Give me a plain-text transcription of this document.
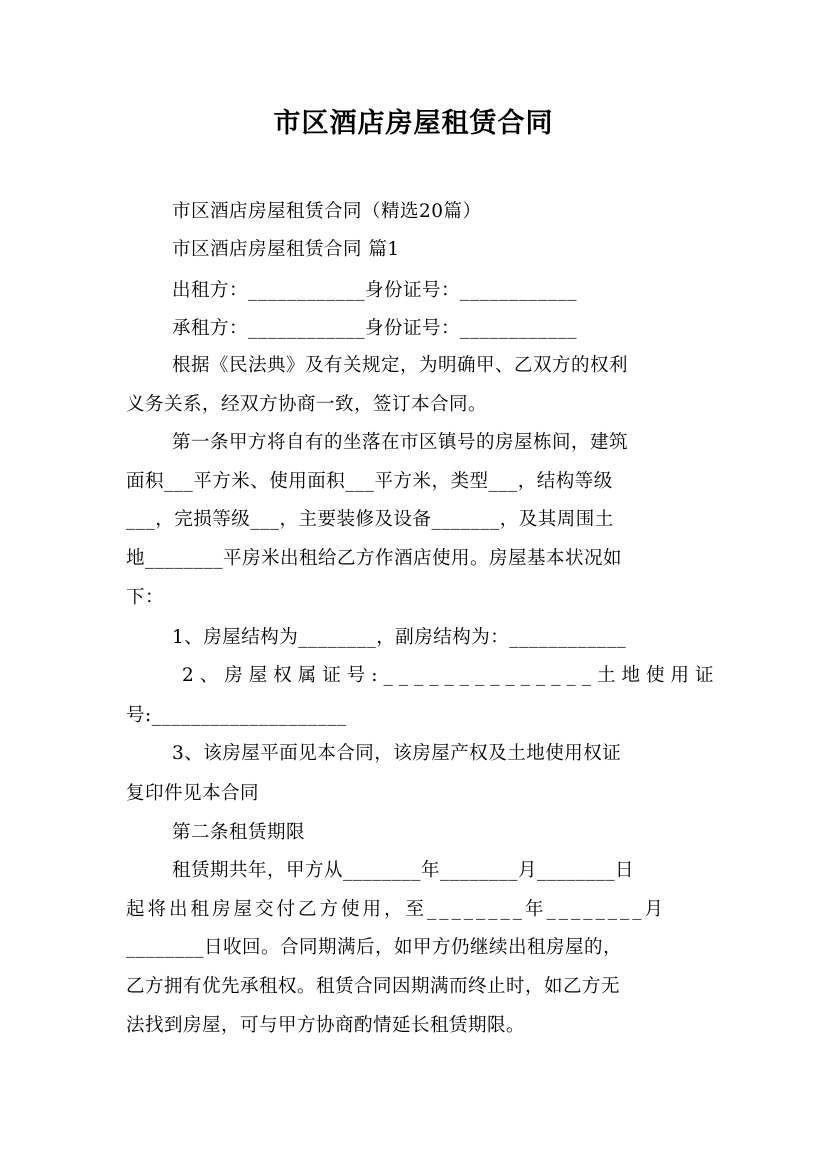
市区酒店房屋租赁合同
市区酒店房屋租赁合同（精选20篇）
市区酒店房屋租赁合同 篇1
出租方：____________身份证号：____________
承租方：____________身份证号：____________
根据《民法典》及有关规定，为明确甲、乙双方的权利
义务关系，经双方协商一致，签订本合同。
第一条甲方将自有的坐落在市区镇号的房屋栋间，建筑
面积___平方米、使用面积___平方米，类型___，结构等级
___，完损等级___，主要装修及设备_______，及其周围土
地________平房米出租给乙方作酒店使用。房屋基本状况如
下：
1、房屋结构为________，副房结构为：____________
2、房屋权属证号:______________土地使用证
号:____________________
3、该房屋平面见本合同，该房屋产权及土地使用权证
复印件见本合同
第二条租赁期限
租赁期共年，甲方从________年________月________日
起将出租房屋交付乙方使用，至________年________月
________日收回。合同期满后，如甲方仍继续出租房屋的，
乙方拥有优先承租权。租赁合同因期满而终止时，如乙方无
法找到房屋，可与甲方协商酌情延长租赁期限。
